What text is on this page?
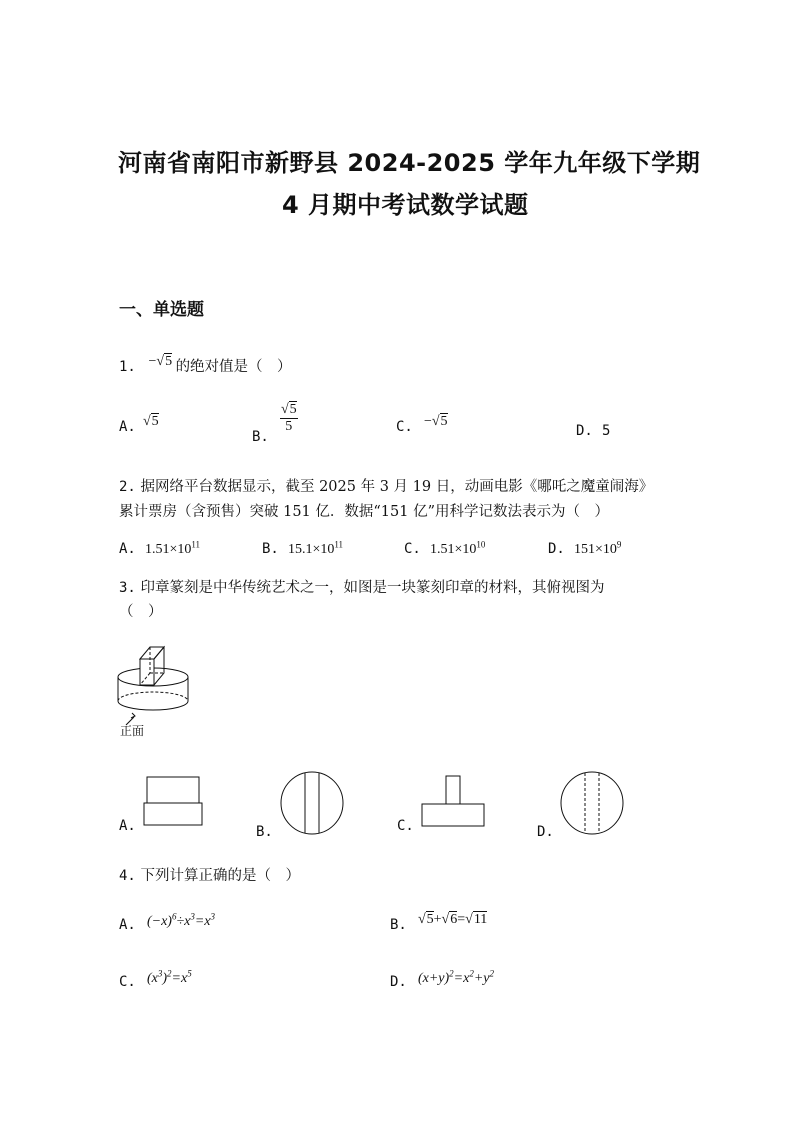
河南省南阳市新野县 2024-2025 学年九年级下学期
4 月期中考试数学试题
一、单选题
1. −√5 的绝对值是（　）
A. √5
B.
$\frac{√5}{5}$	C. −√5
D. 5
2. 据网络平台数据显示，截至 2025 年 3 月 19 日，动画电影《哪吒之魔童闹海》
累计票房（含预售）突破 151 亿．数据“151 亿”用科学记数法表示为（　）
A. $1.51\times 10^{11}$	B. $15.1\times 10^{11}$	C. $1.51\times 10^{10}$	D. $151\times 10^9$
3. 印章篆刻是中华传统艺术之一，如图是一块篆刻印章的材料，其俯视图为
（　）
正面
A.	B.	C.	D.
4. 下列计算正确的是（　）
A. $(-x)^6\div x^3=x^3$
B. √5+√6=√11
C. $(x^3)^2=x^5$
D. $(x+y)^2=x^2+y^2$
